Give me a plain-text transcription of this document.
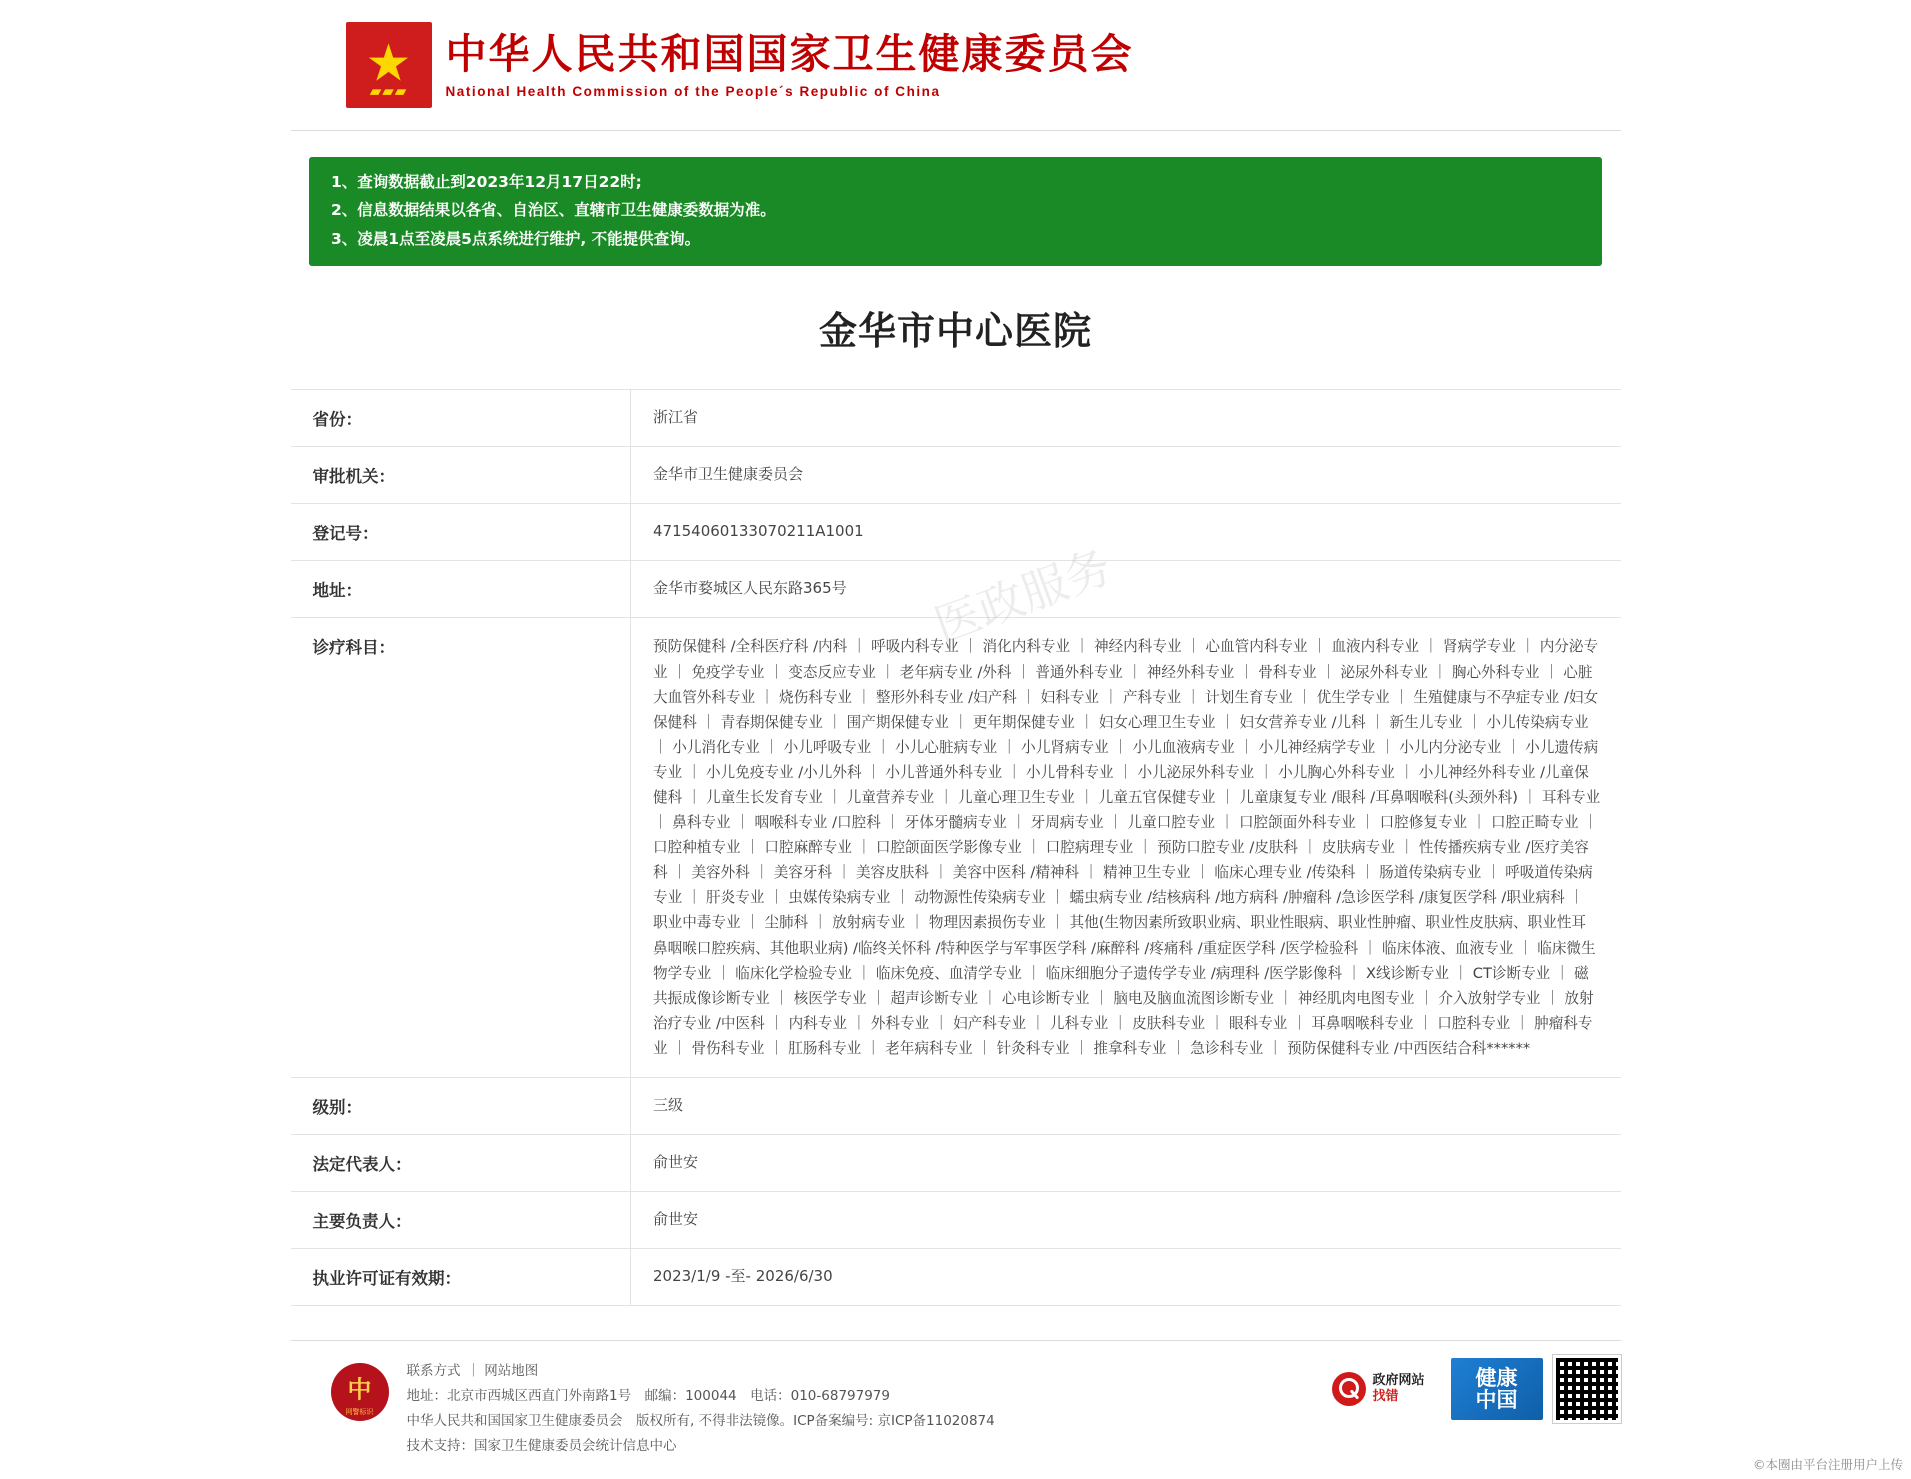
★
▰▰▰
中华人民共和国国家卫生健康委员会
National Health Commission of the People´s Republic of China

1、查询数据截止到2023年12月17日22时;

2、信息数据结果以各省、自治区、直辖市卫生健康委数据为准。

3、凌晨1点至凌晨5点系统进行维护, 不能提供查询。

金华市中心医院
省份：	浙江省
审批机关：	金华市卫生健康委员会
登记号：	47154060133070211A1001
地址：	金华市婺城区人民东路365号
诊疗科目：	预防保健科 /全科医疗科 /内科 ｜ 呼吸内科专业 ｜ 消化内科专业 ｜ 神经内科专业 ｜ 心血管内科专业 ｜ 血液内科专业 ｜ 肾病学专业 ｜ 内分泌专业 ｜ 免疫学专业 ｜ 变态反应专业 ｜ 老年病专业 /外科 ｜ 普通外科专业 ｜ 神经外科专业 ｜ 骨科专业 ｜ 泌尿外科专业 ｜ 胸心外科专业 ｜ 心脏大血管外科专业 ｜ 烧伤科专业 ｜ 整形外科专业 /妇产科 ｜ 妇科专业 ｜ 产科专业 ｜ 计划生育专业 ｜ 优生学专业 ｜ 生殖健康与不孕症专业 /妇女保健科 ｜ 青春期保健专业 ｜ 围产期保健专业 ｜ 更年期保健专业 ｜ 妇女心理卫生专业 ｜ 妇女营养专业 /儿科 ｜ 新生儿专业 ｜ 小儿传染病专业 ｜ 小儿消化专业 ｜ 小儿呼吸专业 ｜ 小儿心脏病专业 ｜ 小儿肾病专业 ｜ 小儿血液病专业 ｜ 小儿神经病学专业 ｜ 小儿内分泌专业 ｜ 小儿遗传病专业 ｜ 小儿免疫专业 /小儿外科 ｜ 小儿普通外科专业 ｜ 小儿骨科专业 ｜ 小儿泌尿外科专业 ｜ 小儿胸心外科专业 ｜ 小儿神经外科专业 /儿童保健科 ｜ 儿童生长发育专业 ｜ 儿童营养专业 ｜ 儿童心理卫生专业 ｜ 儿童五官保健专业 ｜ 儿童康复专业 /眼科 /耳鼻咽喉科(头颈外科) ｜ 耳科专业 ｜ 鼻科专业 ｜ 咽喉科专业 /口腔科 ｜ 牙体牙髓病专业 ｜ 牙周病专业 ｜ 儿童口腔专业 ｜ 口腔颌面外科专业 ｜ 口腔修复专业 ｜ 口腔正畸专业 ｜ 口腔种植专业 ｜ 口腔麻醉专业 ｜ 口腔颌面医学影像专业 ｜ 口腔病理专业 ｜ 预防口腔专业 /皮肤科 ｜ 皮肤病专业 ｜ 性传播疾病专业 /医疗美容科 ｜ 美容外科 ｜ 美容牙科 ｜ 美容皮肤科 ｜ 美容中医科 /精神科 ｜ 精神卫生专业 ｜ 临床心理专业 /传染科 ｜ 肠道传染病专业 ｜ 呼吸道传染病专业 ｜ 肝炎专业 ｜ 虫媒传染病专业 ｜ 动物源性传染病专业 ｜ 蠕虫病专业 /结核病科 /地方病科 /肿瘤科 /急诊医学科 /康复医学科 /职业病科 ｜ 职业中毒专业 ｜ 尘肺科 ｜ 放射病专业 ｜ 物理因素损伤专业 ｜ 其他(生物因素所致职业病、职业性眼病、职业性肿瘤、职业性皮肤病、职业性耳鼻咽喉口腔疾病、其他职业病) /临终关怀科 /特种医学与军事医学科 /麻醉科 /疼痛科 /重症医学科 /医学检验科 ｜ 临床体液、血液专业 ｜ 临床微生物学专业 ｜ 临床化学检验专业 ｜ 临床免疫、血清学专业 ｜ 临床细胞分子遗传学专业 /病理科 /医学影像科 ｜ X线诊断专业 ｜ CT诊断专业 ｜ 磁共振成像诊断专业 ｜ 核医学专业 ｜ 超声诊断专业 ｜ 心电诊断专业 ｜ 脑电及脑血流图诊断专业 ｜ 神经肌肉电图专业 ｜ 介入放射学专业 ｜ 放射治疗专业 /中医科 ｜ 内科专业 ｜ 外科专业 ｜ 妇产科专业 ｜ 儿科专业 ｜ 皮肤科专业 ｜ 眼科专业 ｜ 耳鼻咽喉科专业 ｜ 口腔科专业 ｜ 肿瘤科专业 ｜ 骨伤科专业 ｜ 肛肠科专业 ｜ 老年病科专业 ｜ 针灸科专业 ｜ 推拿科专业 ｜ 急诊科专业 ｜ 预防保健科专业 /中西医结合科******
级别：	三级
法定代表人：	俞世安
主要负责人：	俞世安
执业许可证有效期：	2023/1/9 -至- 2026/6/30
医政服务
中
网警标识
联系方式 ｜ 网站地图
地址：北京市西城区西直门外南路1号　邮编：100044　电话：010-68797979
中华人民共和国国家卫生健康委员会　版权所有, 不得非法镜像。ICP备案编号: 京ICP备11020874
技术支持：国家卫生健康委员会统计信息中心
政府网站
找错
健康
中国
©本圈由平台注册用户上传
